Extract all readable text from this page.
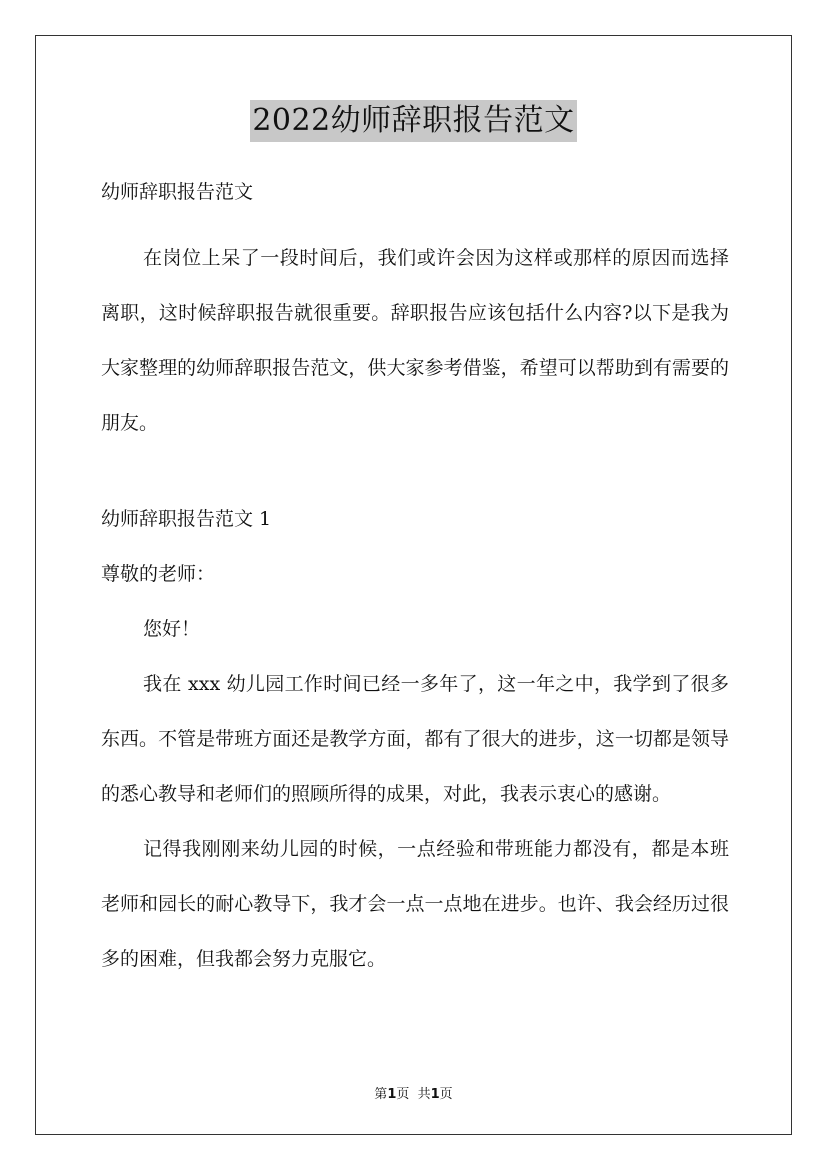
2022幼师辞职报告范文

幼师辞职报告范文

在岗位上呆了一段时间后，我们或许会因为这样或那样的原因而选择离职，这时候辞职报告就很重要。辞职报告应该包括什么内容?以下是我为大家整理的幼师辞职报告范文，供大家参考借鉴，希望可以帮助到有需要的朋友。

幼师辞职报告范文 1

尊敬的老师：

您好！

我在 xxx 幼儿园工作时间已经一多年了，这一年之中，我学到了很多东西。不管是带班方面还是教学方面，都有了很大的进步，这一切都是领导的悉心教导和老师们的照顾所得的成果，对此，我表示衷心的感谢。

记得我刚刚来幼儿园的时候，一点经验和带班能力都没有，都是本班老师和园长的耐心教导下，我才会一点一点地在进步。也许、我会经历过很多的困难，但我都会努力克服它。

第1页  共1页
